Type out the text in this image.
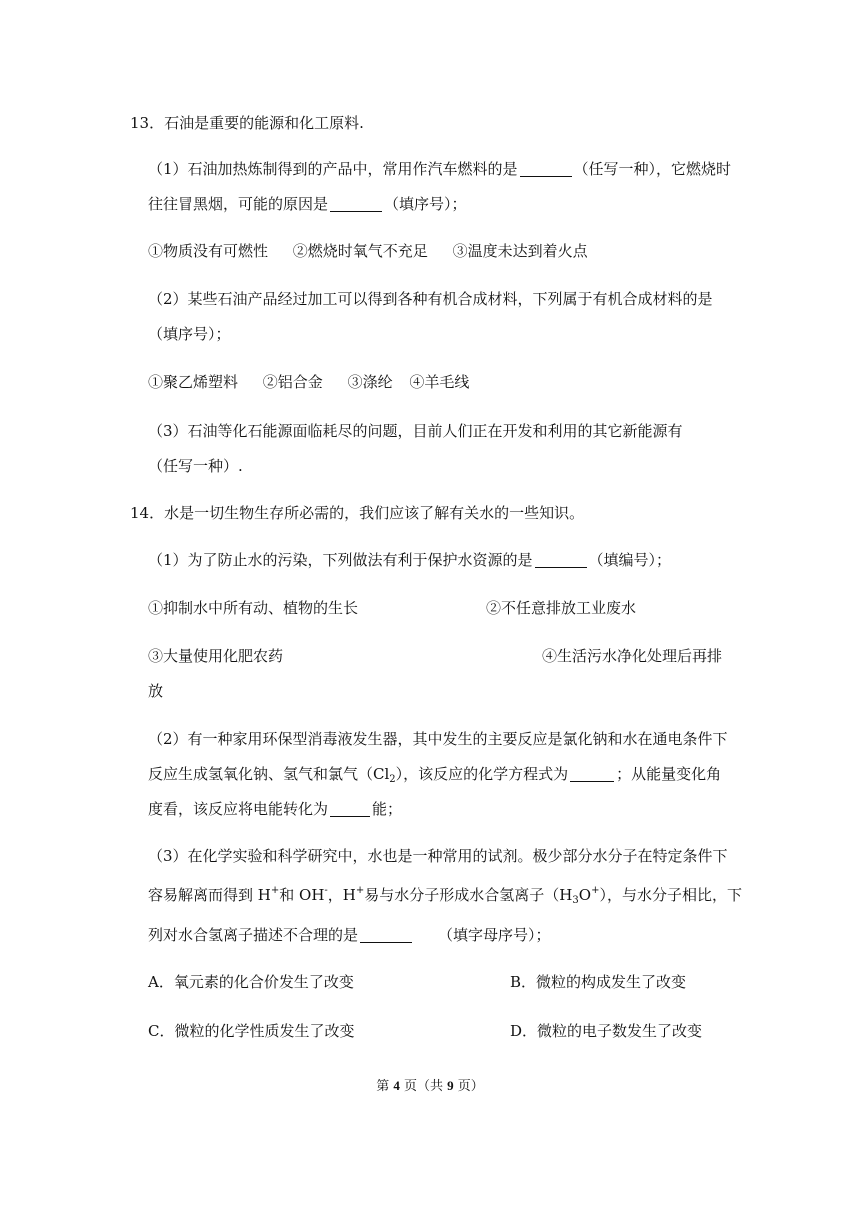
13．石油是重要的能源和化工原料.
（1）石油加热炼制得到的产品中，常用作汽车燃料的是	（任写一种），它燃烧时
往往冒黑烟，可能的原因是	（填序号）；
①物质没有可燃性 ②燃烧时氧气不充足 ③温度未达到着火点
（2）某些石油产品经过加工可以得到各种有机合成材料，下列属于有机合成材料的是
（填序号）；
①聚乙烯塑料 ②铝合金 ③涤纶 ④羊毛线
（3）石油等化石能源面临耗尽的问题，目前人们正在开发和利用的其它新能源有
（任写一种）.
14．水是一切生物生存所必需的，我们应该了解有关水的一些知识。
（1）为了防止水的污染，下列做法有利于保护水资源的是	（填编号）；
①抑制水中所有动、植物的生长	②不任意排放工业废水
③大量使用化肥农药	④生活污水净化处理后再排
放
（2）有一种家用环保型消毒液发生器，其中发生的主要反应是氯化钠和水在通电条件下
反应生成氢氧化钠、氢气和氯气$(Cl_2)$，该反应的化学方程式为	；从能量变化角
度看，该反应将电能转化为	能；
（3）在化学实验和科学研究中，水也是一种常用的试剂。极少部分水分子在特定条件下
容易解离而得到 H+和 OH-，H+易与水分子形成水合氢离子$(H_3O^+)$，与水分子相比，下
列对水合氢离子描述不合理的是	（填字母序号）；
A．氧元素的化合价发生了改变	B．微粒的构成发生了改变
C．微粒的化学性质发生了改变	D．微粒的电子数发生了改变
第 4 页（共 9 页）
